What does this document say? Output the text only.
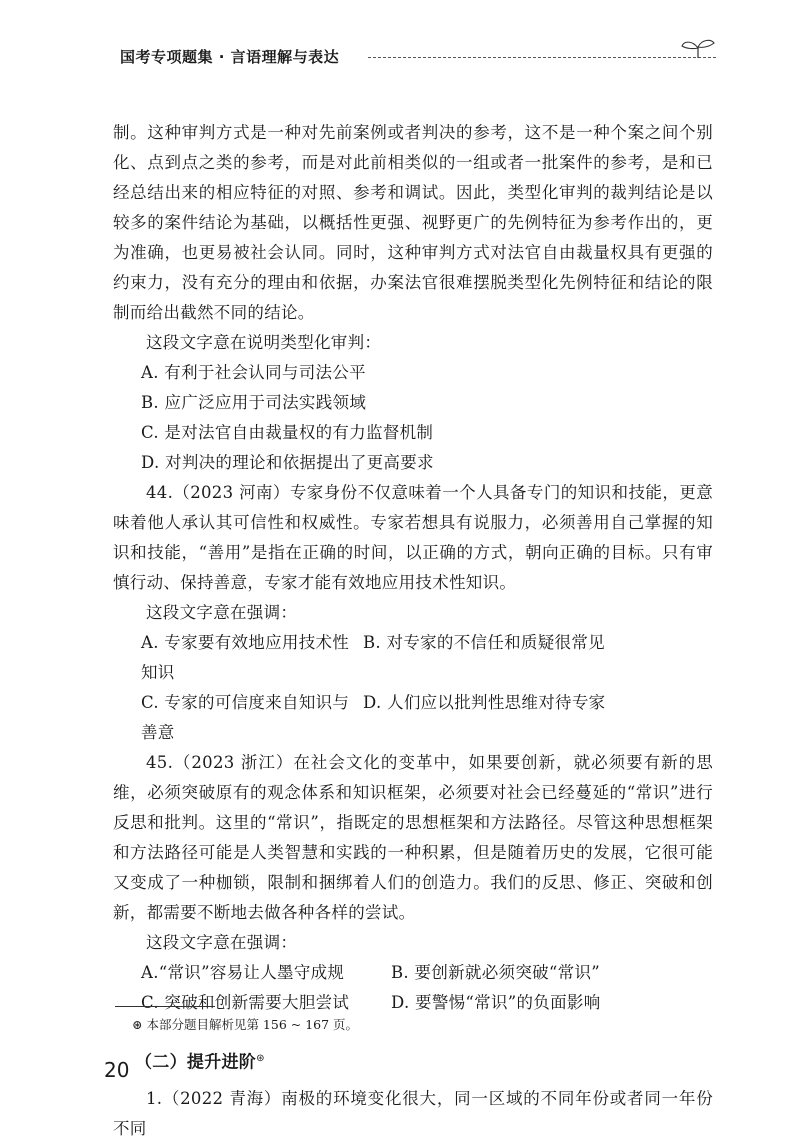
国考专项题集 · 言语理解与表达

制。这种审判方式是一种对先前案例或者判决的参考，这不是一种个案之间个别化、点到点之类的参考，而是对此前相类似的一组或者一批案件的参考，是和已经总结出来的相应特征的对照、参考和调试。因此，类型化审判的裁判结论是以较多的案件结论为基础，以概括性更强、视野更广的先例特征为参考作出的，更为准确，也更易被社会认同。同时，这种审判方式对法官自由裁量权具有更强的约束力，没有充分的理由和依据，办案法官很难摆脱类型化先例特征和结论的限制而给出截然不同的结论。

这段文字意在说明类型化审判：

A. 有利于社会认同与司法公平

B. 应广泛应用于司法实践领域

C. 是对法官自由裁量权的有力监督机制

D. 对判决的理论和依据提出了更高要求

44.（2023 河南）专家身份不仅意味着一个人具备专门的知识和技能，更意味着他人承认其可信性和权威性。专家若想具有说服力，必须善用自己掌握的知识和技能，“善用”是指在正确的时间，以正确的方式，朝向正确的目标。只有审慎行动、保持善意，专家才能有效地应用技术性知识。

这段文字意在强调：

A. 专家要有效地应用技术性知识
B. 对专家的不信任和质疑很常见
C. 专家的可信度来自知识与善意
D. 人们应以批判性思维对待专家

45.（2023 浙江）在社会文化的变革中，如果要创新，就必须要有新的思维，必须突破原有的观念体系和知识框架，必须要对社会已经蔓延的“常识”进行反思和批判。这里的“常识”，指既定的思想框架和方法路径。尽管这种思想框架和方法路径可能是人类智慧和实践的一种积累，但是随着历史的发展，它很可能又变成了一种枷锁，限制和捆绑着人们的创造力。我们的反思、修正、突破和创新，都需要不断地去做各种各样的尝试。

这段文字意在强调：

A.“常识”容易让人墨守成规	B. 要创新就必须突破“常识”
C. 突破和创新需要大胆尝试	D. 要警惕“常识”的负面影响

（二）提升进阶⊛

1.（2022 青海）南极的环境变化很大，同一区域的不同年份或者同一年份不同

⊛ 本部分题目解析见第 156 ~ 167 页。
20
